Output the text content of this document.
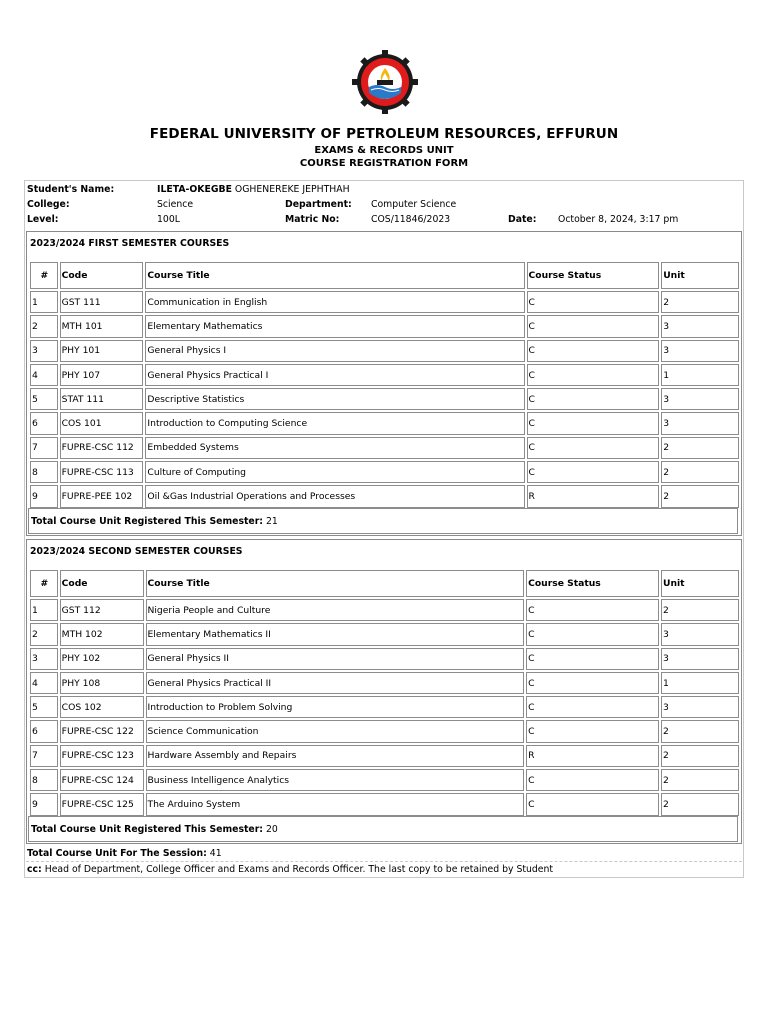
FEDERAL UNIVERSITY OF PETROLEUM RESOURCES, EFFURUN
EXAMS & RECORDS UNIT
COURSE REGISTRATION FORM
Student's Name:	ILETA-OKEGBE OGHENEREKE JEPHTHAH
College:	Science	Department: Computer Science
Level:	100L	Matric No:	COS/11846/2023	Date: October 8, 2024, 3:17 pm
2023/2024 FIRST SEMESTER COURSES
#	Code	Course Title	Course Status	Unit
1	GST 111	Communication in English	C	2
2	MTH 101	Elementary Mathematics	C	3
3	PHY 101	General Physics I	C	3
4	PHY 107	General Physics Practical I	C	1
5	STAT 111	Descriptive Statistics	C	3
6	COS 101	Introduction to Computing Science	C	3
7	FUPRE-CSC 112	Embedded Systems	C	2
8	FUPRE-CSC 113	Culture of Computing	C	2
9	FUPRE-PEE 102	Oil &Gas Industrial Operations and Processes	R	2
Total Course Unit Registered This Semester: 21
2023/2024 SECOND SEMESTER COURSES
#	Code	Course Title	Course Status	Unit
1	GST 112	Nigeria People and Culture	C	2
2	MTH 102	Elementary Mathematics II	C	3
3	PHY 102	General Physics II	C	3
4	PHY 108	General Physics Practical II	C	1
5	COS 102	Introduction to Problem Solving	C	3
6	FUPRE-CSC 122	Science Communication	C	2
7	FUPRE-CSC 123	Hardware Assembly and Repairs	R	2
8	FUPRE-CSC 124	Business Intelligence Analytics	C	2
9	FUPRE-CSC 125	The Arduino System	C	2
Total Course Unit Registered This Semester: 20
Total Course Unit For The Session: 41
cc: Head of Department, College Officer and Exams and Records Officer. The last copy to be retained by Student
